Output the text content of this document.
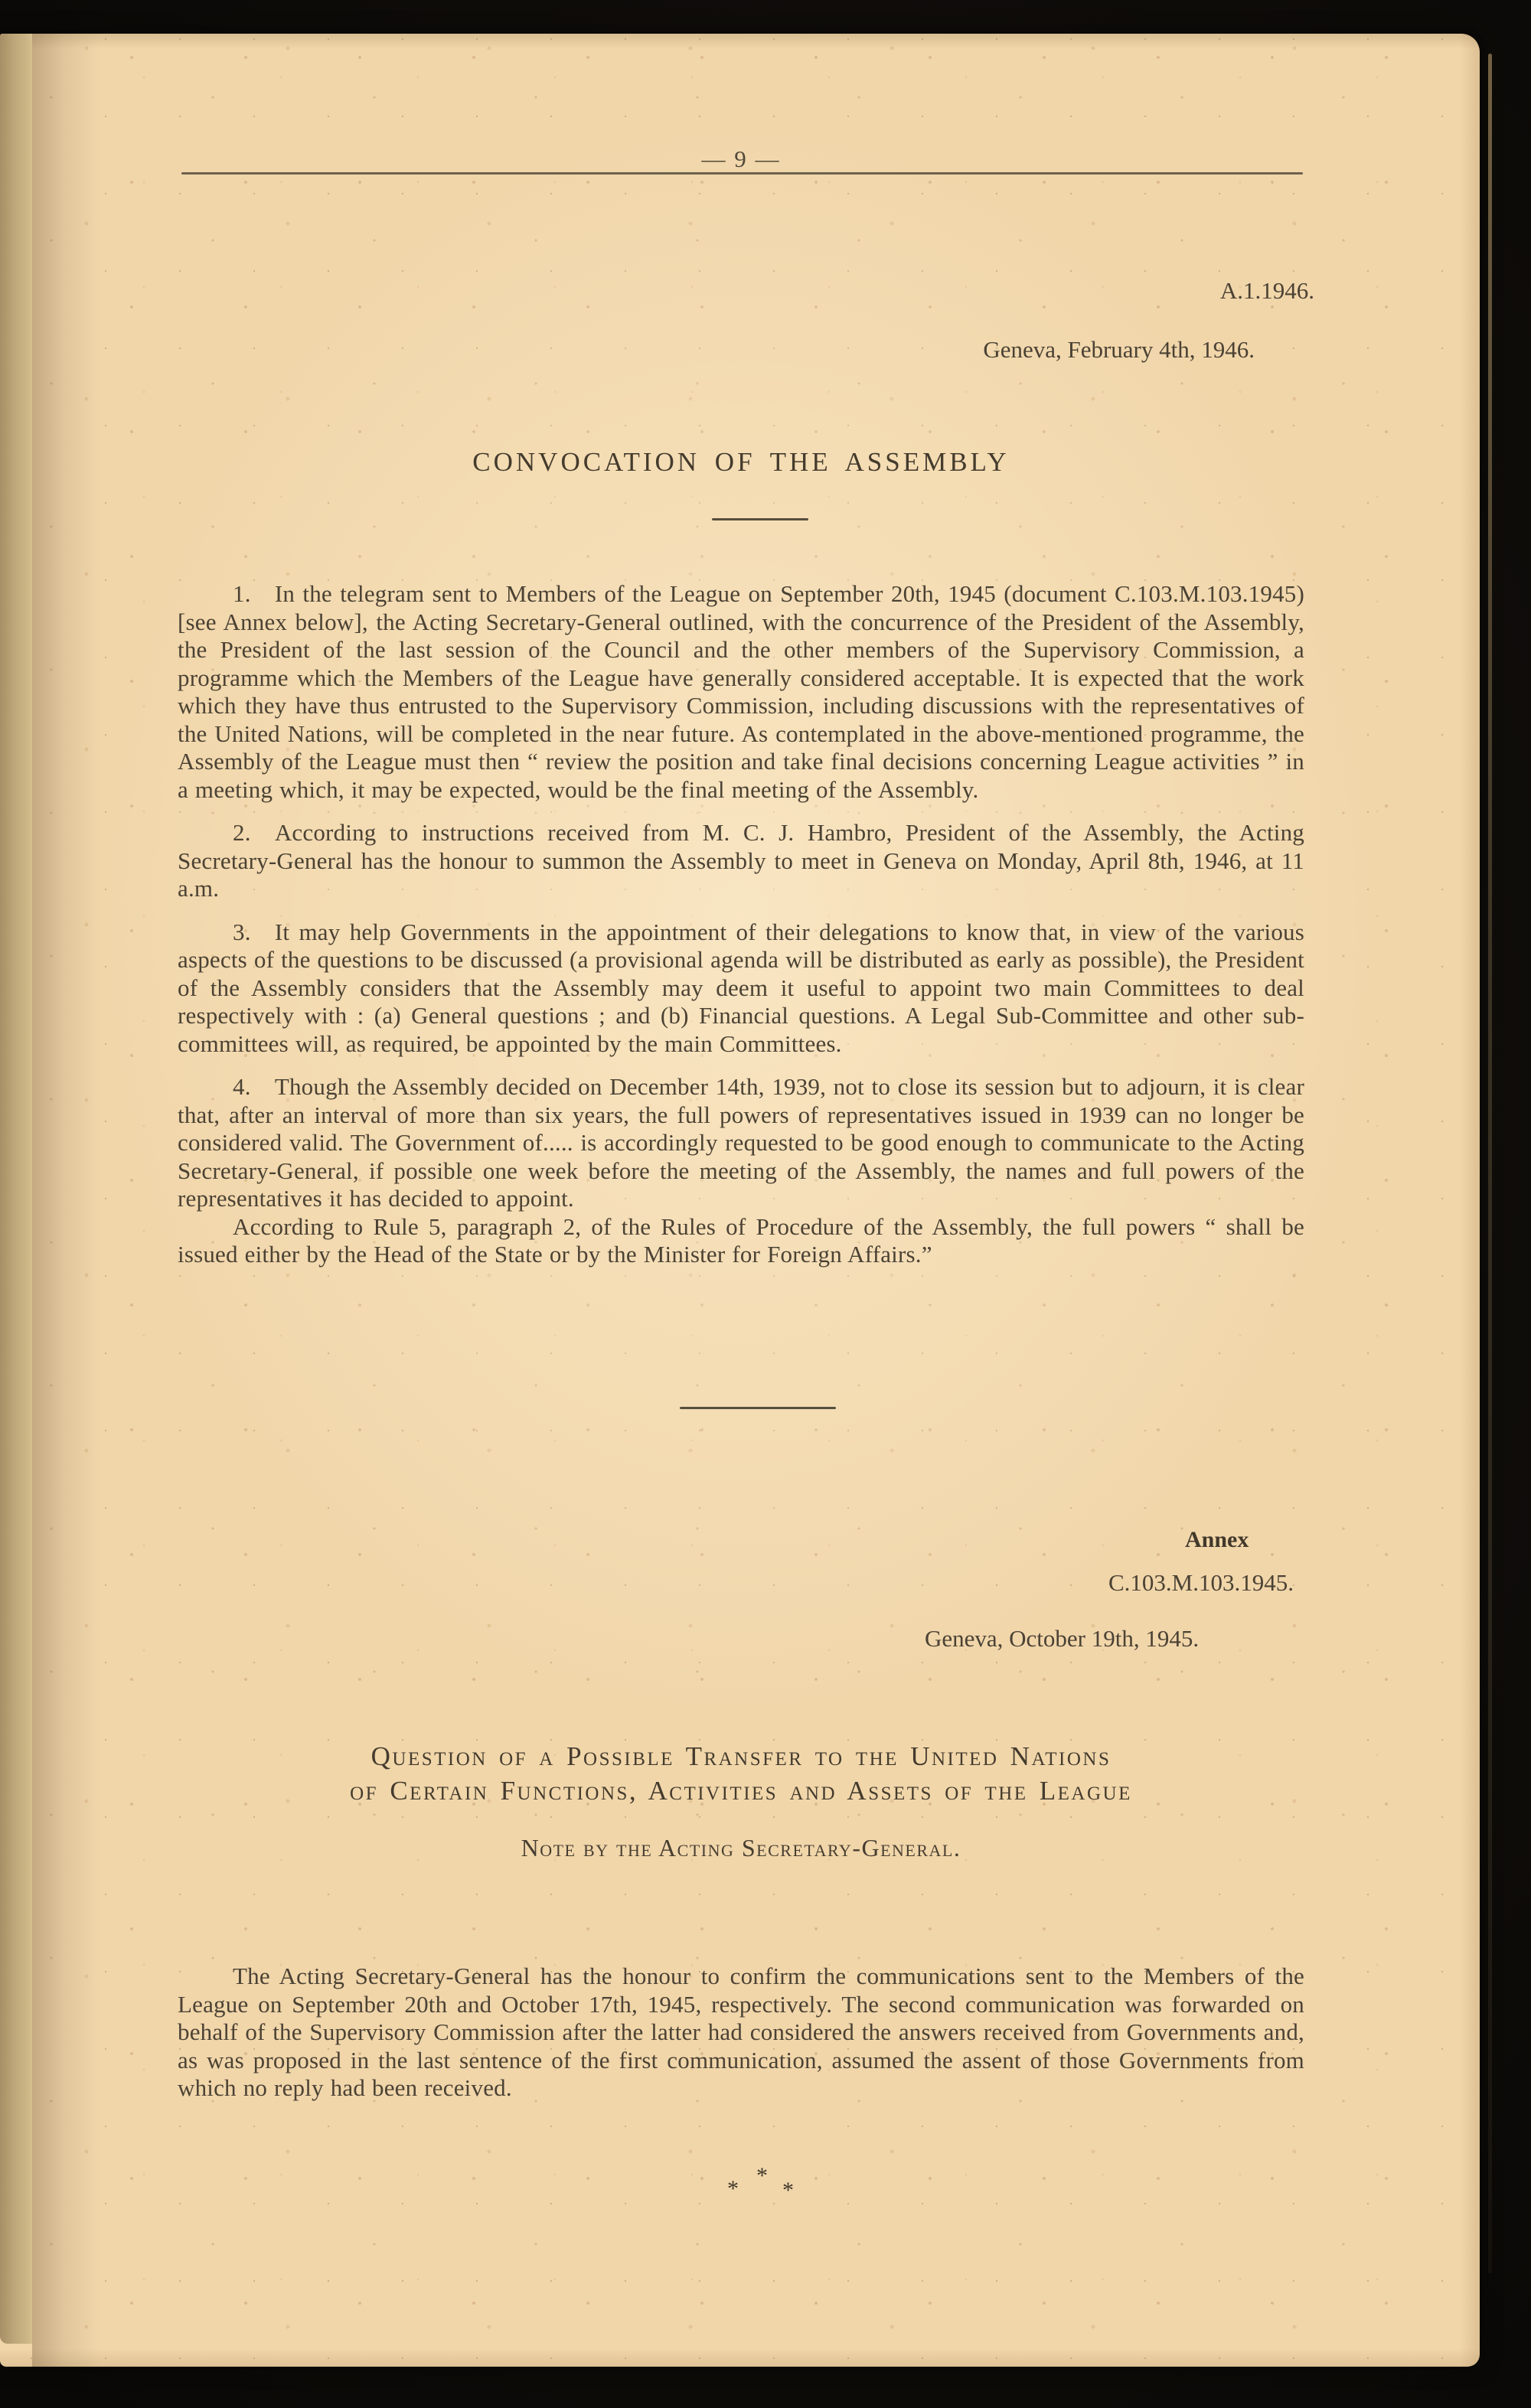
— 9 —
A.1.1946.
Geneva, February 4th, 1946.
CONVOCATION OF THE ASSEMBLY

1. In the telegram sent to Members of the League on September 20th, 1945 (document C.103.M.103.1945) [see Annex below], the Acting Secretary-General outlined, with the concurrence of the President of the Assembly, the President of the last session of the Council and the other members of the Supervisory Commission, a programme which the Members of the League have generally considered acceptable. It is expected that the work which they have thus entrusted to the Supervisory Commission, including discussions with the representatives of the United Nations, will be completed in the near future. As contemplated in the above-mentioned programme, the Assembly of the League must then “ review the position and take final decisions concerning League activities ” in a meeting which, it may be expected, would be the final meeting of the Assembly.

2. According to instructions received from M. C. J. Hambro, President of the Assembly, the Acting Secretary-General has the honour to summon the Assembly to meet in Geneva on Monday, April 8th, 1946, at 11 a.m.

3. It may help Governments in the appointment of their delegations to know that, in view of the various aspects of the questions to be discussed (a provisional agenda will be distributed as early as possible), the President of the Assembly considers that the Assembly may deem it useful to appoint two main Committees to deal respectively with : (a) General questions ; and (b) Financial questions. A Legal Sub-Committee and other sub-committees will, as required, be appointed by the main Committees.

4. Though the Assembly decided on December 14th, 1939, not to close its session but to adjourn, it is clear that, after an interval of more than six years, the full powers of representatives issued in 1939 can no longer be considered valid. The Government of..... is accordingly requested to be good enough to communicate to the Acting Secretary-General, if possible one week before the meeting of the Assembly, the names and full powers of the representatives it has decided to appoint.

According to Rule 5, paragraph 2, of the Rules of Procedure of the Assembly, the full powers “ shall be issued either by the Head of the State or by the Minister for Foreign Affairs.”

Annex
C.103.M.103.1945.
Geneva, October 19th, 1945.
Question of a Possible Transfer to the United Nations
of Certain Functions, Activities and Assets of the League
Note by the Acting Secretary-General.

The Acting Secretary-General has the honour to confirm the communications sent to the Members of the League on September 20th and October 17th, 1945, respectively. The second communication was forwarded on behalf of the Supervisory Commission after the latter had considered the answers received from Governments and, as was proposed in the last sentence of the first communication, assumed the assent of those Governments from which no reply had been received.

*
* *
